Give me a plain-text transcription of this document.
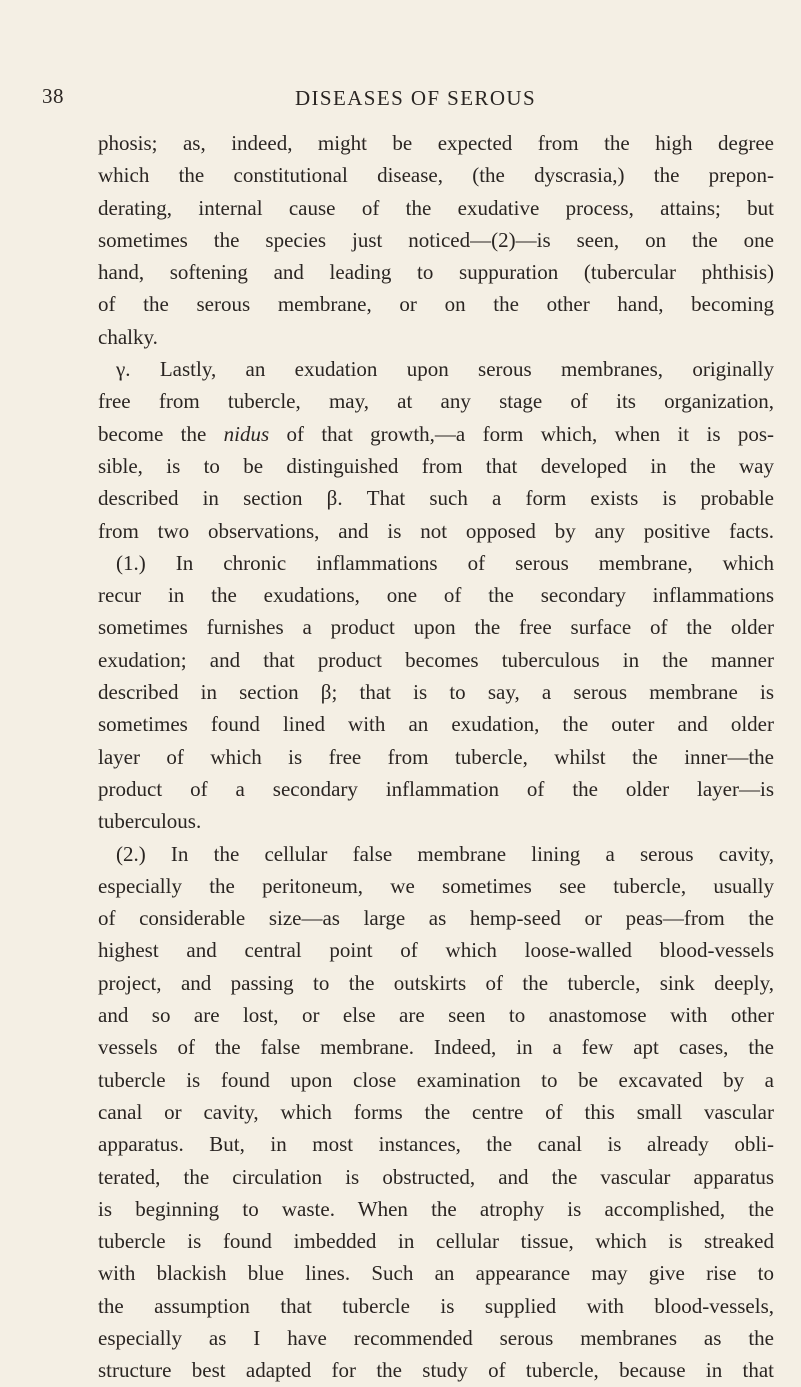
38	DISEASES OF SEROUS
phosis; as, indeed, might be expected from the high degree
which the constitutional disease, (the dyscrasia,) the prepon-
derating, internal cause of the exudative process, attains; but
sometimes the species just noticed—(2)—is seen, on the one
hand, softening and leading to suppuration (tubercular phthisis)
of the serous membrane, or on the other hand, becoming
chalky.
γ. Lastly, an exudation upon serous membranes, originally
free from tubercle, may, at any stage of its organization,
become the nidus of that growth,—a form which, when it is pos-
sible, is to be distinguished from that developed in the way
described in section β. That such a form exists is probable
from two observations, and is not opposed by any positive facts.
(1.) In chronic inflammations of serous membrane, which
recur in the exudations, one of the secondary inflammations
sometimes furnishes a product upon the free surface of the older
exudation; and that product becomes tuberculous in the manner
described in section β; that is to say, a serous membrane is
sometimes found lined with an exudation, the outer and older
layer of which is free from tubercle, whilst the inner—the
product of a secondary inflammation of the older layer—is
tuberculous.
(2.) In the cellular false membrane lining a serous cavity,
especially the peritoneum, we sometimes see tubercle, usually
of considerable size—as large as hemp-seed or peas—from the
highest and central point of which loose-walled blood-vessels
project, and passing to the outskirts of the tubercle, sink deeply,
and so are lost, or else are seen to anastomose with other
vessels of the false membrane. Indeed, in a few apt cases, the
tubercle is found upon close examination to be excavated by a
canal or cavity, which forms the centre of this small vascular
apparatus. But, in most instances, the canal is already obli-
terated, the circulation is obstructed, and the vascular apparatus
is beginning to waste. When the atrophy is accomplished, the
tubercle is found imbedded in cellular tissue, which is streaked
with blackish blue lines. Such an appearance may give rise to
the assumption that tubercle is supplied with blood-vessels,
especially as I have recommended serous membranes as the
structure best adapted for the study of tubercle, because in that
